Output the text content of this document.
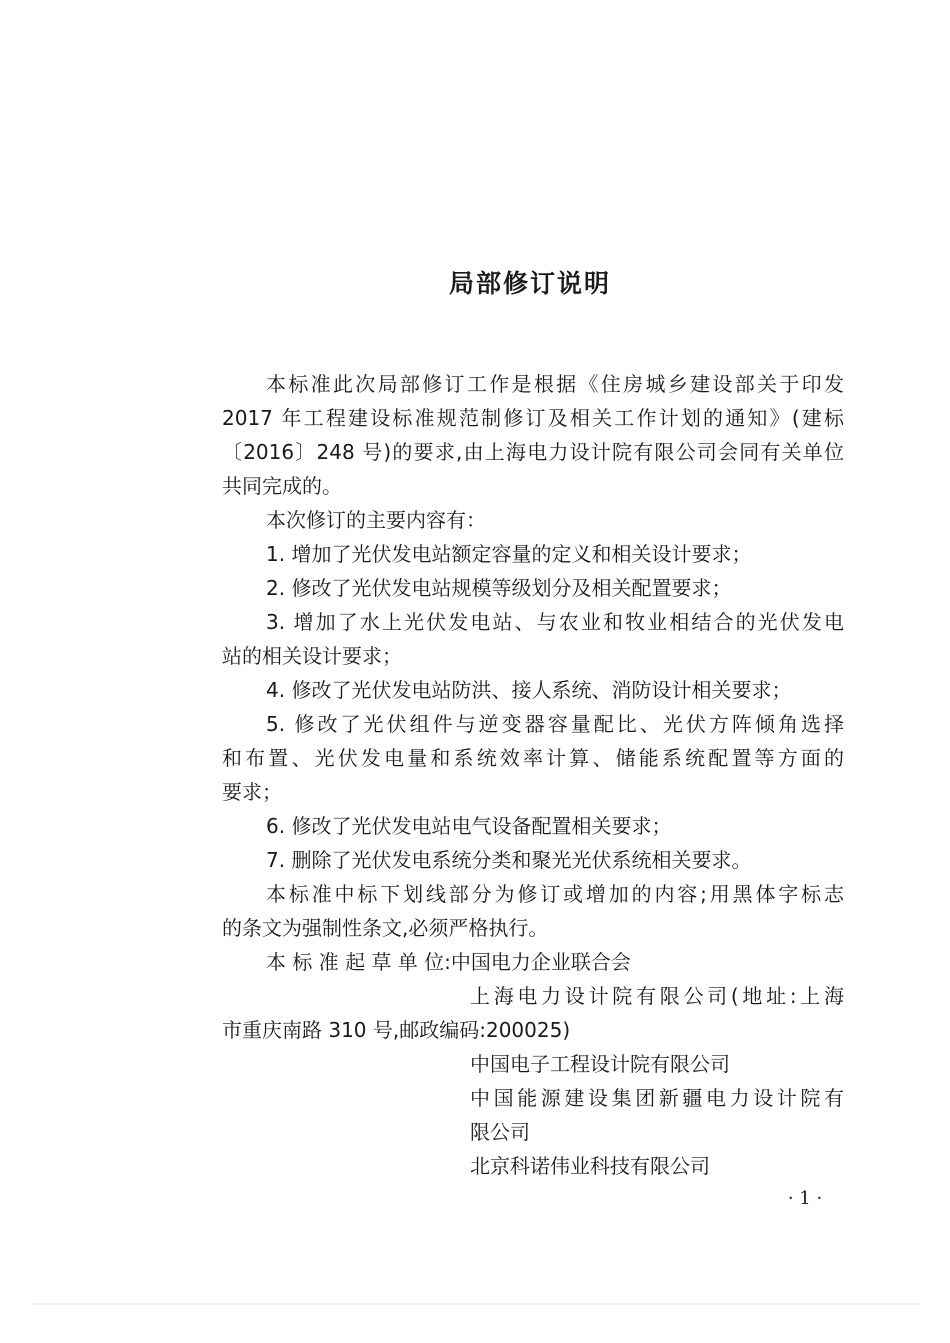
局部修订说明
本标准此次局部修订工作是根据《住房城乡建设部关于印发
2017 年工程建设标准规范制修订及相关工作计划的通知》(建标
〔2016〕248 号)的要求,由上海电力设计院有限公司会同有关单位
共同完成的。
本次修订的主要内容有：
1. 增加了光伏发电站额定容量的定义和相关设计要求；
2. 修改了光伏发电站规模等级划分及相关配置要求；
3. 增加了水上光伏发电站、与农业和牧业相结合的光伏发电
站的相关设计要求；
4. 修改了光伏发电站防洪、接人系统、消防设计相关要求；
5. 修改了光伏组件与逆变器容量配比、光伏方阵倾角选择
和布置、光伏发电量和系统效率计算、储能系统配置等方面的
要求；
6. 修改了光伏发电站电气设备配置相关要求；
7. 删除了光伏发电系统分类和聚光光伏系统相关要求。
本标准中标下划线部分为修订或增加的内容;用黑体字标志
的条文为强制性条文,必须严格执行。
本 标 准 起 草 单 位:中国电力企业联合会
上海电力设计院有限公司(地址:上海
市重庆南路 310 号,邮政编码:200025)
中国电子工程设计院有限公司
中国能源建设集团新疆电力设计院有
限公司
北京科诺伟业科技有限公司
· 1 ·
